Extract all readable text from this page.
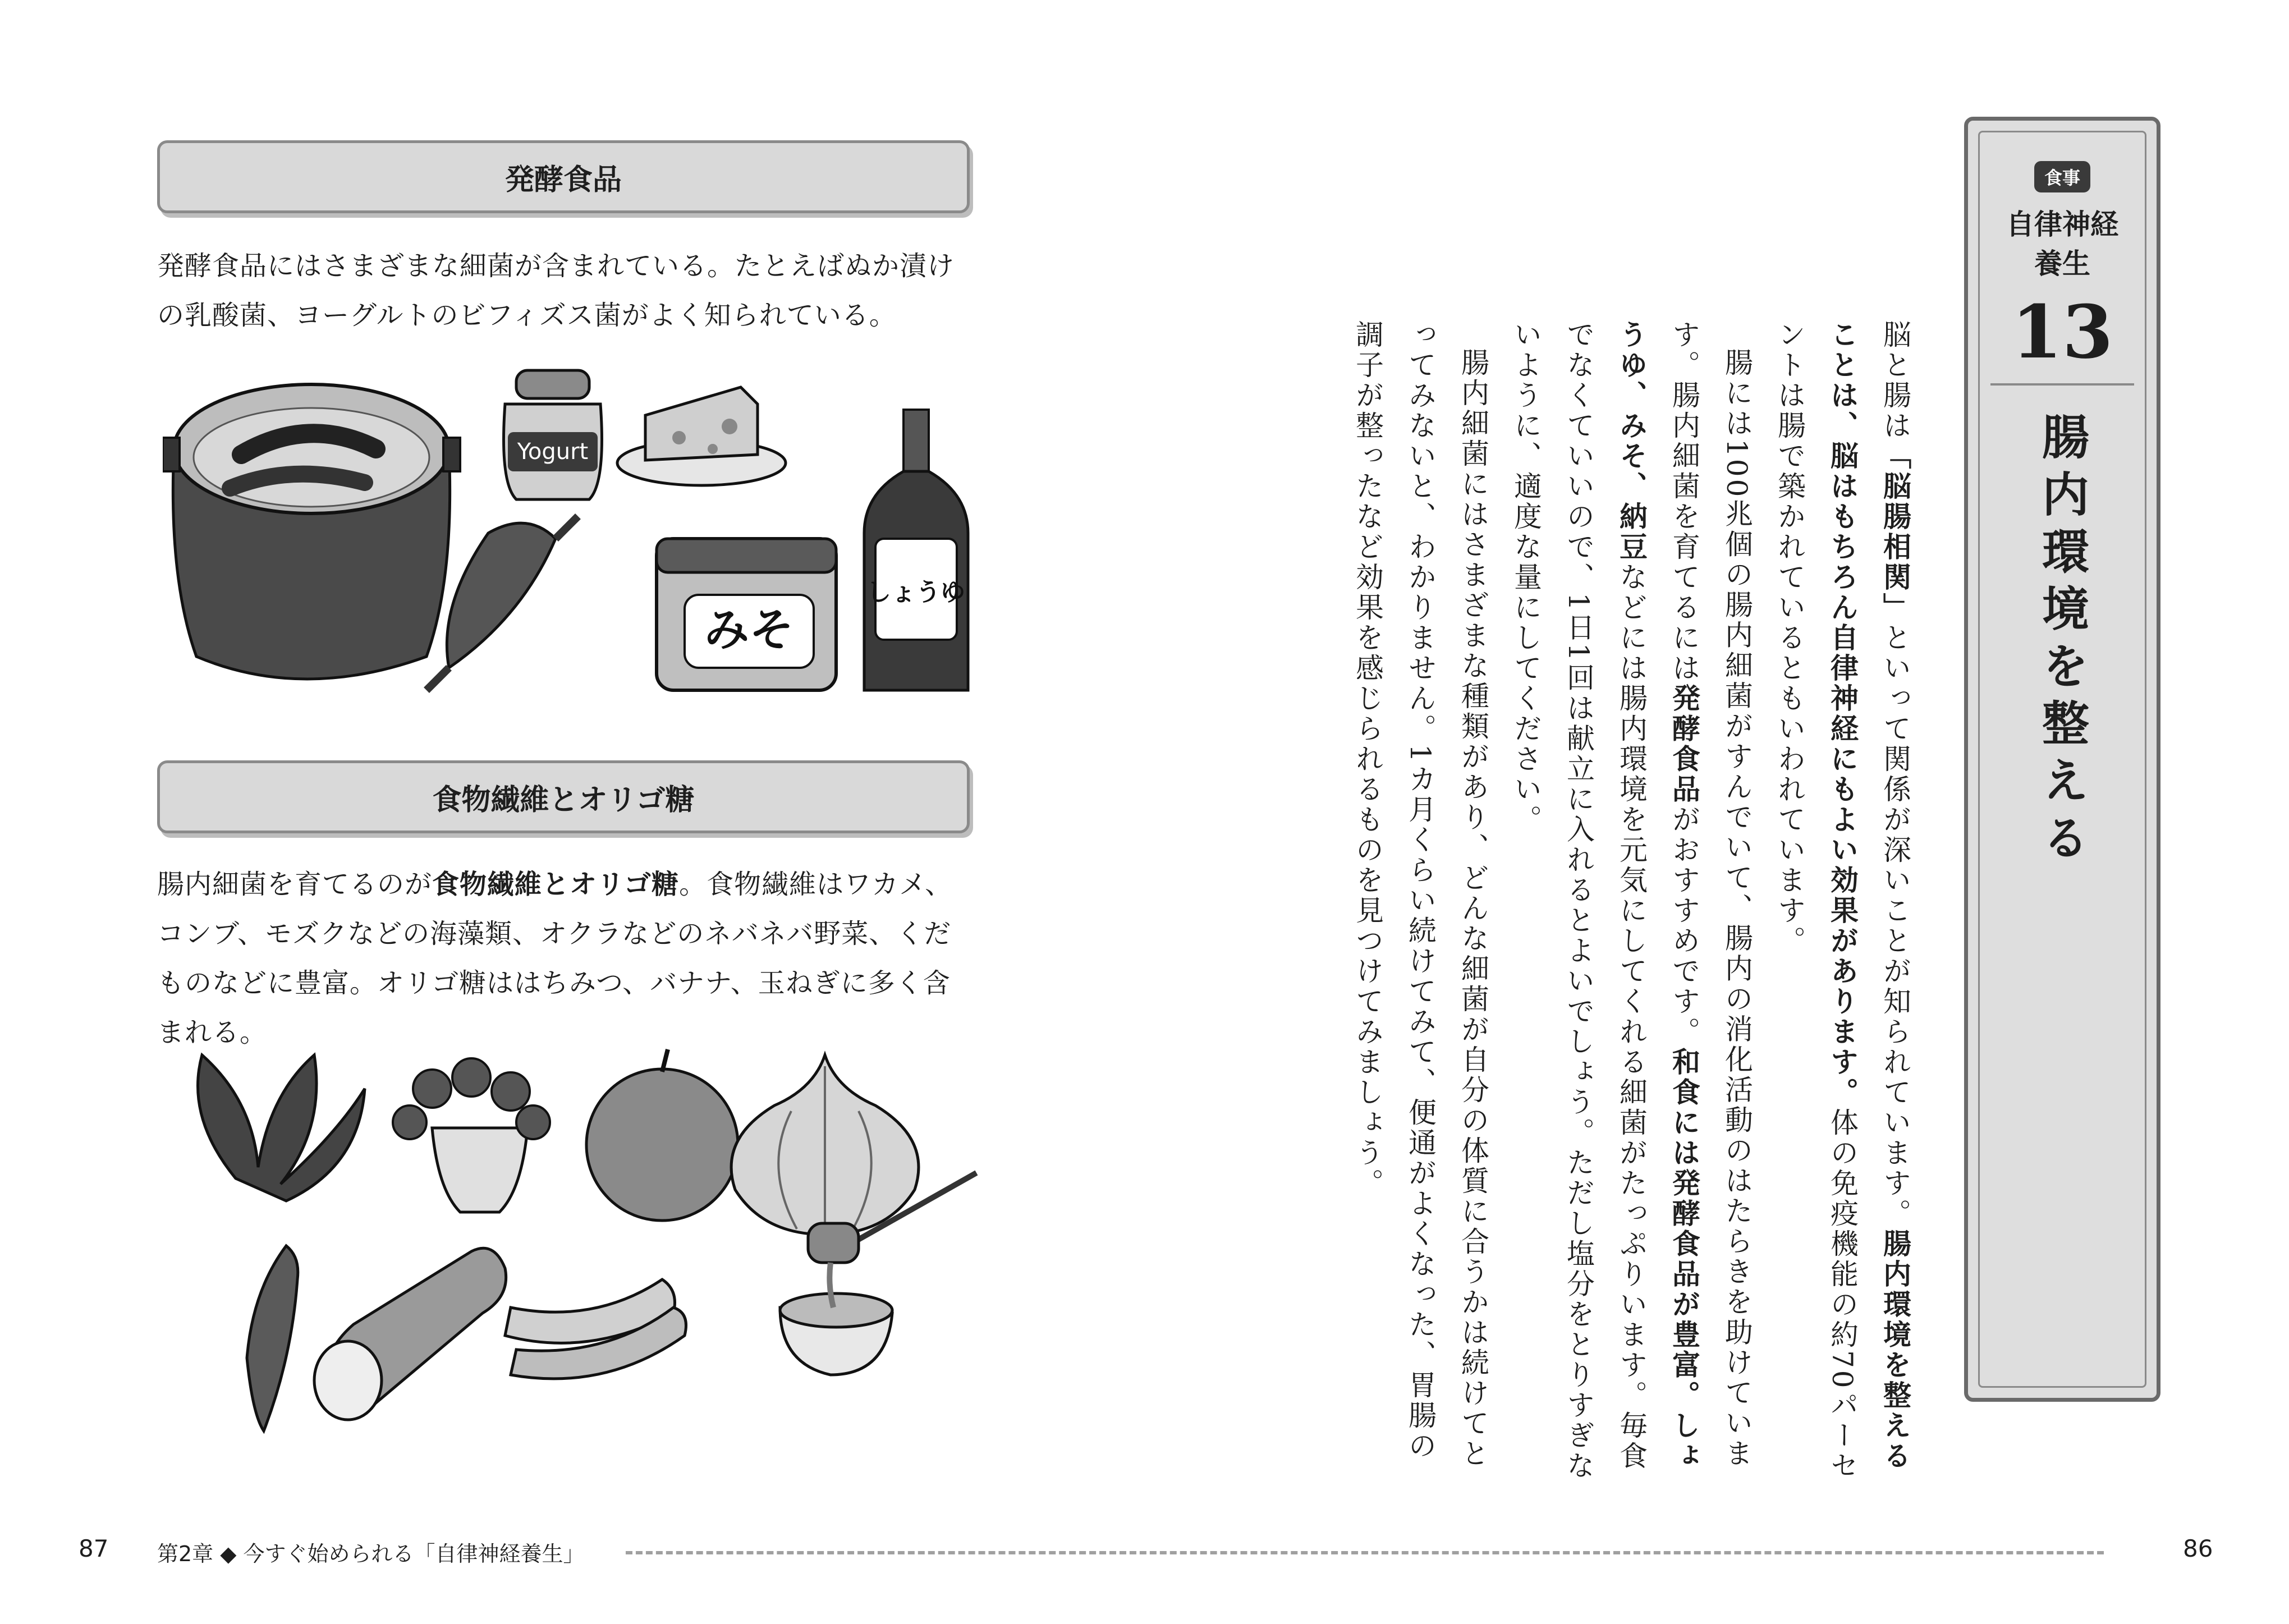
発酵食品
発酵食品にはさまざまな細菌が含まれている。たとえばぬか漬けの乳酸菌、ヨーグルトのビフィズス菌がよく知られている。
Yogurt
みそ
しょうゆ
食物繊維とオリゴ糖
腸内細菌を育てるのが食物繊維とオリゴ糖。食物繊維はワカメ、コンブ、モズクなどの海藻類、オクラなどのネバネバ野菜、くだものなどに豊富。オリゴ糖ははちみつ、バナナ、玉ねぎに多く含まれる。

脳と腸は「脳腸相関」といって関係が深いことが知られています。腸内環境を整えることは、脳はもちろん自律神経にもよい効果があります。体の免疫機能の約70パーセントは腸で築かれているともいわれています。

腸には100兆個の腸内細菌がすんでいて、腸内の消化活動のはたらきを助けています。腸内細菌を育てるには発酵食品がおすすめです。和食には発酵食品が豊富。しょうゆ、みそ、納豆などには腸内環境を元気にしてくれる細菌がたっぷりいます。毎食でなくていいので、1日1回は献立に入れるとよいでしょう。ただし塩分をとりすぎないように、適度な量にしてください。

腸内細菌にはさまざまな種類があり、どんな細菌が自分の体質に合うかは続けてとってみないと、わかりません。1カ月くらい続けてみて、便通がよくなった、胃腸の調子が整ったなど効果を感じられるものを見つけてみましょう。

食事
自律神経
養生
13
腸内環境を整える
87 第2章 ◆ 今すぐ始められる「自律神経養生」	86
